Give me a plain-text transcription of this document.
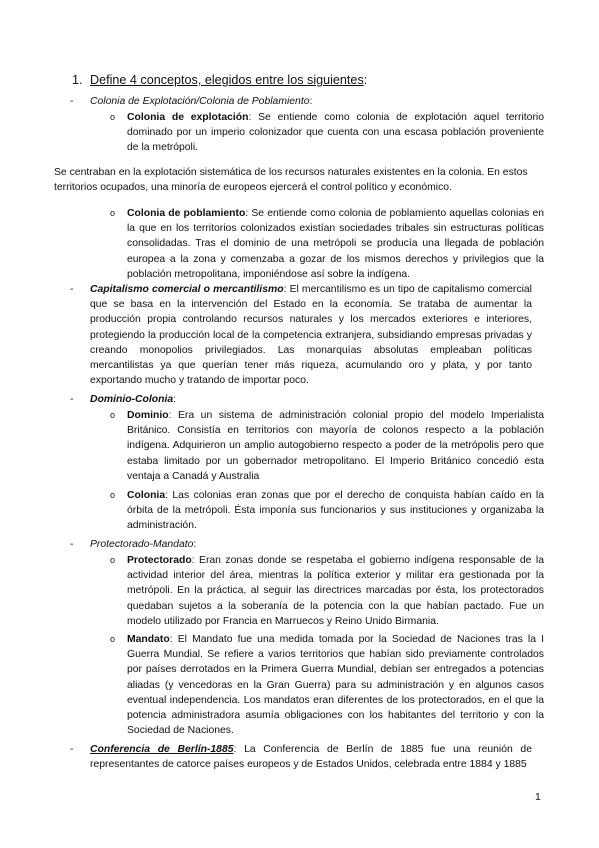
1. Define 4 conceptos, elegidos entre los siguientes:
- Colonia de Explotación/Colonia de Poblamiento:
o Colonia de explotación: Se entiende como colonia de explotación aquel territorio dominado por un imperio colonizador que cuenta con una escasa población proveniente de la metrópoli.
Se centraban en la explotación sistemática de los recursos naturales existentes en la colonia. En estos territorios ocupados, una minoría de europeos ejercerá el control político y económico.
o Colonia de poblamiento: Se entiende como colonia de poblamiento aquellas colonias en la que en los territorios colonizados existían sociedades tribales sin estructuras políticas consolidadas. Tras el dominio de una metrópoli se producía una llegada de población europea a la zona y comenzaba a gozar de los mismos derechos y privilegios que la población metropolitana, imponiéndose así sobre la indígena.
- Capitalismo comercial o mercantilismo: El mercantilismo es un tipo de capitalismo comercial que se basa en la intervención del Estado en la economía. Se trataba de aumentar la producción propia controlando recursos naturales y los mercados exteriores e interiores, protegiendo la producción local de la competencia extranjera, subsidiando empresas privadas y creando monopolios privilegiados. Las monarquías absolutas empleaban políticas mercantilistas ya que querían tener más riqueza, acumulando oro y plata, y por tanto exportando mucho y tratando de importar poco.
- Dominio-Colonia:
o Dominio: Era un sistema de administración colonial propio del modelo Imperialista Británico. Consistía en territorios con mayoría de colonos respecto a la población indígena. Adquirieron un amplio autogobierno respecto a poder de la metrópolis pero que estaba limitado por un gobernador metropolitano. El Imperio Británico concedió esta ventaja a Canadá y Australia
o Colonia: Las colonias eran zonas que por el derecho de conquista habían caído en la órbita de la metrópoli. Ésta imponía sus funcionarios y sus instituciones y organizaba la administración.
- Protectorado-Mandato:
o Protectorado: Eran zonas donde se respetaba el gobierno indígena responsable de la actividad interior del área, mientras la política exterior y militar era gestionada por la metrópoli. En la práctica, al seguir las directrices marcadas por ésta, los protectorados quedaban sujetos a la soberanía de la potencia con la que habían pactado. Fue un modelo utilizado por Francia en Marruecos y Reino Unido Birmania.
o Mandato: El Mandato fue una medida tomada por la Sociedad de Naciones tras la I Guerra Mundial. Se refiere a varios territorios que habían sido previamente controlados por países derrotados en la Primera Guerra Mundial, debían ser entregados a potencias aliadas (y vencedoras en la Gran Guerra) para su administración y en algunos casos eventual independencia. Los mandatos eran diferentes de los protectorados, en el que la potencia administradora asumía obligaciones con los habitantes del territorio y con la Sociedad de Naciones.
- Conferencia de Berlín-1885: La Conferencia de Berlín de 1885 fue una reunión de representantes de catorce países europeos y de Estados Unidos, celebrada entre 1884 y 1885
1
